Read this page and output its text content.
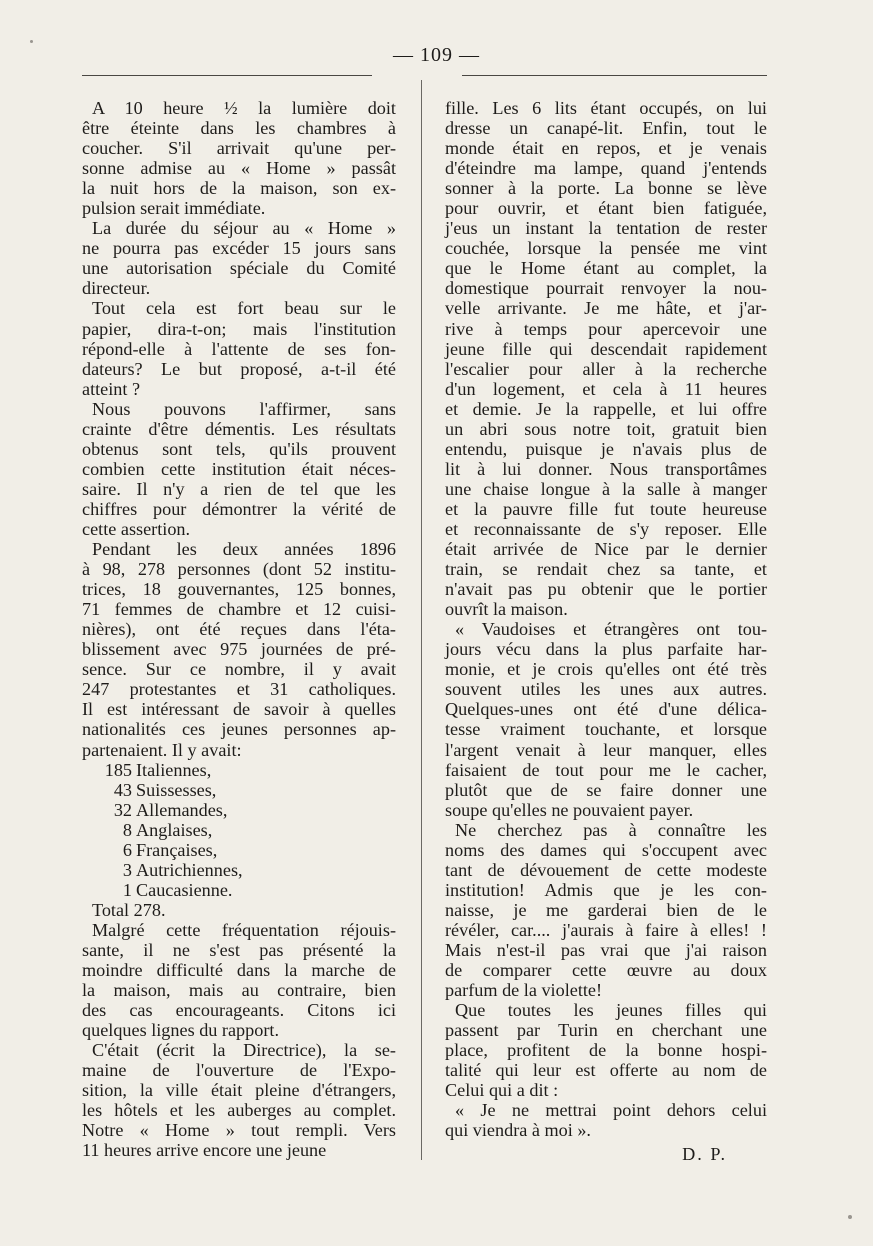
— 109 —

A 10 heure ½ la lumière doit
être éteinte dans les chambres à
coucher. S'il arrivait qu'une per-
sonne admise au « Home » passât
la nuit hors de la maison, son ex-
pulsion serait immédiate.

La durée du séjour au « Home »
ne pourra pas excéder 15 jours sans
une autorisation spéciale du Comité
directeur.

Tout cela est fort beau sur le
papier, dira-t-on; mais l'institution
répond-elle à l'attente de ses fon-
dateurs? Le but proposé, a-t-il été
atteint ?

Nous pouvons l'affirmer, sans
crainte d'être démentis. Les résultats
obtenus sont tels, qu'ils prouvent
combien cette institution était néces-
saire. Il n'y a rien de tel que les
chiffres pour démontrer la vérité de
cette assertion.

Pendant les deux années 1896
à 98, 278 personnes (dont 52 institu-
trices, 18 gouvernantes, 125 bonnes,
71 femmes de chambre et 12 cuisi-
nières), ont été reçues dans l'éta-
blissement avec 975 journées de pré-
sence. Sur ce nombre, il y avait
247 protestantes et 31 catholiques.
Il est intéressant de savoir à quelles
nationalités ces jeunes personnes ap-
partenaient. Il y avait:

185 Italiennes,
43 Suissesses,
32 Allemandes,
8 Anglaises,
6 Françaises,
3 Autrichiennes,
1 Caucasienne.
Total 278.

Malgré cette fréquentation réjouis-
sante, il ne s'est pas présenté la
moindre difficulté dans la marche de
la maison, mais au contraire, bien
des cas encourageants. Citons ici
quelques lignes du rapport.

C'était (écrit la Directrice), la se-
maine de l'ouverture de l'Expo-
sition, la ville était pleine d'étrangers,
les hôtels et les auberges au complet.
Notre « Home » tout rempli. Vers
11 heures arrive encore une jeune

fille. Les 6 lits étant occupés, on lui
dresse un canapé-lit. Enfin, tout le
monde était en repos, et je venais
d'éteindre ma lampe, quand j'entends
sonner à la porte. La bonne se lève
pour ouvrir, et étant bien fatiguée,
j'eus un instant la tentation de rester
couchée, lorsque la pensée me vint
que le Home étant au complet, la
domestique pourrait renvoyer la nou-
velle arrivante. Je me hâte, et j'ar-
rive à temps pour apercevoir une
jeune fille qui descendait rapidement
l'escalier pour aller à la recherche
d'un logement, et cela à 11 heures
et demie. Je la rappelle, et lui offre
un abri sous notre toit, gratuit bien
entendu, puisque je n'avais plus de
lit à lui donner. Nous transportâmes
une chaise longue à la salle à manger
et la pauvre fille fut toute heureuse
et reconnaissante de s'y reposer. Elle
était arrivée de Nice par le dernier
train, se rendait chez sa tante, et
n'avait pas pu obtenir que le portier
ouvrît la maison.

« Vaudoises et étrangères ont tou-
jours vécu dans la plus parfaite har-
monie, et je crois qu'elles ont été très
souvent utiles les unes aux autres.
Quelques-unes ont été d'une délica-
tesse vraiment touchante, et lorsque
l'argent venait à leur manquer, elles
faisaient de tout pour me le cacher,
plutôt que de se faire donner une
soupe qu'elles ne pouvaient payer.

Ne cherchez pas à connaître les
noms des dames qui s'occupent avec
tant de dévouement de cette modeste
institution! Admis que je les con-
naisse, je me garderai bien de le
révéler, car.... j'aurais à faire à elles! !
Mais n'est-il pas vrai que j'ai raison
de comparer cette œuvre au doux
parfum de la violette!

Que toutes les jeunes filles qui
passent par Turin en cherchant une
place, profitent de la bonne hospi-
talité qui leur est offerte au nom de
Celui qui a dit :

« Je ne mettrai point dehors celui
qui viendra à moi ».

D. P.
